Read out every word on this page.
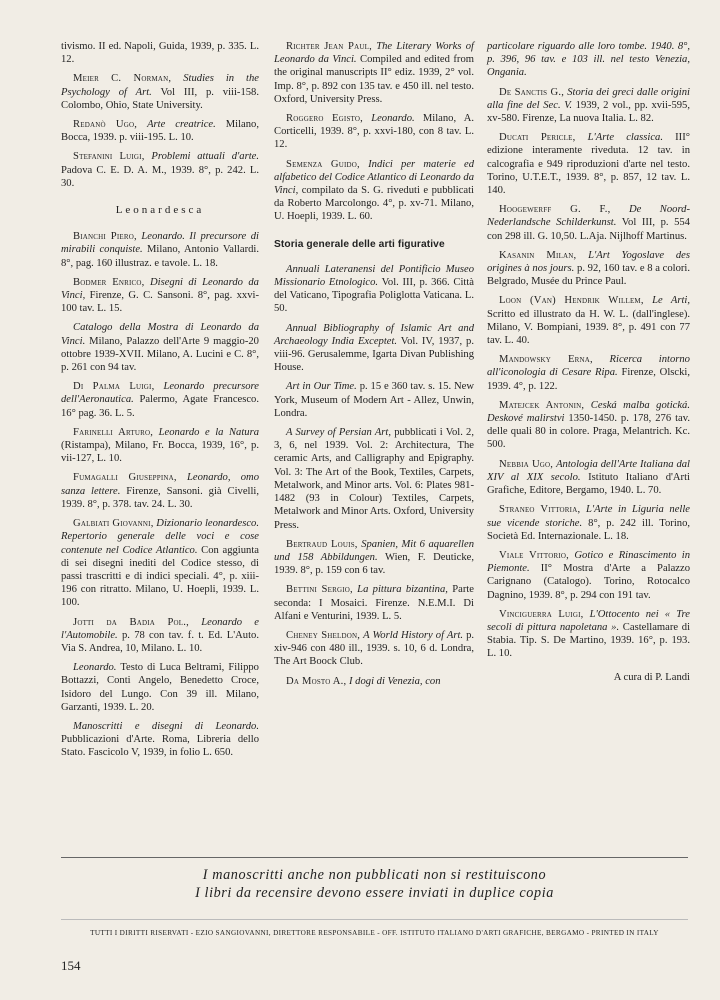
tivismo. II ed. Napoli, Guida, 1939, p. 335. L. 12.

Meier C. Norman, Studies in the Psychology of Art. Vol III, p. viii-158. Colombo, Ohio, State University.

Redanò Ugo, Arte creatrice. Milano, Bocca, 1939. p. viii-195. L. 10.

Stefanini Luigi, Problemi attuali d'arte. Padova C. E. D. A. M., 1939. 8°, p. 242. L. 30.

Leonardesca

Bianchi Piero, Leonardo. Il precursore di mirabili conquiste. Milano, Antonio Vallardi. 8°, pag. 160 illustraz. e tavole. L. 18.

Bodmer Enrico, Disegni di Leonardo da Vinci, Firenze, G. C. Sansoni. 8°, pag. xxvi-100 tav. L. 15.

Catalogo della Mostra di Leonardo da Vinci. Milano, Palazzo dell'Arte 9 maggio-20 ottobre 1939-XVII. Milano, A. Lucini e C. 8°, p. 261 con 94 tav.

Di Palma Luigi, Leonardo precursore dell'Aeronautica. Palermo, Agate Francesco. 16° pag. 36. L. 5.

Farinelli Arturo, Leonardo e la Natura (Ristampa), Milano, Fr. Bocca, 1939, 16°, p. vii-127, L. 10.

Fumagalli Giuseppina, Leonardo, omo sanza lettere. Firenze, Sansoni. già Civelli, 1939. 8°, p. 378. tav. 24. L. 30.

Galbiati Giovanni, Dizionario leonardesco. Repertorio generale delle voci e cose contenute nel Codice Atlantico. Con aggiunta di sei disegni inediti del Codice stesso, di passi trascritti e di indici speciali. 4°, p. xiii-196 con ritratto. Milano, U. Hoepli, 1939. L. 100.

Jotti da Badia Pol., Leonardo e l'Automobile. p. 78 con tav. f. t. Ed. L'Auto. Via S. Andrea, 10, Milano. L. 10.

Leonardo. Testo di Luca Beltrami, Filippo Bottazzi, Conti Angelo, Benedetto Croce, Isidoro del Lungo. Con 39 ill. Milano, Garzanti, 1939. L. 20.

Manoscritti e disegni di Leonardo. Pubblicazioni d'Arte. Roma, Libreria dello Stato. Fascicolo V, 1939, in folio L. 650.

Richter Jean Paul, The Literary Works of Leonardo da Vinci. Compiled and edited from the original manuscripts II° ediz. 1939, 2° vol. Imp. 8°, p. 892 con 135 tav. e 450 ill. nel testo. Oxford, University Press.

Roggero Egisto, Leonardo. Milano, A. Corticelli, 1939. 8°, p. xxvi-180, con 8 tav. L. 12.

Semenza Guido, Indici per materie ed alfabetico del Codice Atlantico di Leonardo da Vinci, compilato da S. G. riveduti e pubblicati da Roberto Marcolongo. 4°, p. xv-71. Milano, U. Hoepli, 1939. L. 60.

Storia generale delle arti figurative

Annuali Lateranensi del Pontificio Museo Missionario Etnologico. Vol. III, p. 366. Città del Vaticano, Tipografia Poliglotta Vaticana. L. 50.

Annual Bibliography of Islamic Art and Archaeology India Exceptet. Vol. IV, 1937, p. viii-96. Gerusalemme, Igarta Divan Publishing House.

Art in Our Time. p. 15 e 360 tav. s. 15. New York, Museum of Modern Art - Allez, Unwin, Londra.

A Survey of Persian Art, pubblicati i Vol. 2, 3, 6, nel 1939. Vol. 2: Architectura, The ceramic Arts, and Calligraphy and Epigraphy. Vol. 3: The Art of the Book, Textiles, Carpets, Metalwork, and Minor arts. Vol. 6: Plates 981-1482 (93 in Colour) Textiles, Carpets, Metalwork and Minor Arts. Oxford, University Press.

Bertraud Louis, Spanien, Mit 6 aquarellen und 158 Abbildungen. Wien, F. Deuticke, 1939. 8°, p. 159 con 6 tav.

Bettini Sergio, La pittura bizantina, Parte seconda: I Mosaici. Firenze. N.E.M.I. Di Alfani e Venturini, 1939. L. 5.

Cheney Sheldon, A World History of Art. p. xiv-946 con 480 ill., 1939. s. 10, 6 d. Londra, The Art Boock Club.

Da Mosto A., I dogi di Venezia, con

particolare riguardo alle loro tombe. 1940. 8°, p. 396, 96 tav. e 103 ill. nel testo Venezia, Ongania.

De Sanctis G., Storia dei greci dalle origini alla fine del Sec. V. 1939, 2 vol., pp. xvii-595, xv-580. Firenze, La nuova Italia. L. 82.

Ducati Pericle, L'Arte classica. III° edizione interamente riveduta. 12 tav. in calcografia e 949 riproduzioni d'arte nel testo. Torino, U.T.E.T., 1939. 8°, p. 857, 12 tav. L. 140.

Hoogewerff G. F., De Noord-Nederlandsche Schilderkunst. Vol III, p. 554 con 298 ill. G. 10,50. L.Aja. Nijlhoff Martinus.

Kasanin Milan, L'Art Yogoslave des origines à nos jours. p. 92, 160 tav. e 8 a colori. Belgrado, Musée du Prince Paul.

Loon (Van) Hendrik Willem, Le Arti, Scritto ed illustrato da H. W. L. (dall'inglese). Milano, V. Bompiani, 1939. 8°, p. 491 con 77 tav. L. 40.

Mandowsky Erna, Ricerca intorno all'iconologia di Cesare Ripa. Firenze, Olscki, 1939. 4°, p. 122.

Matejcek Antonin, Ceská malba gotická. Deskové malirstvi 1350-1450. p. 178, 276 tav. delle quali 80 in colore. Praga, Melantrich. Kc. 500.

Nebbia Ugo, Antologia dell'Arte Italiana dal XIV al XIX secolo. Istituto Italiano d'Arti Grafiche, Editore, Bergamo, 1940. L. 70.

Straneo Vittoria, L'Arte in Liguria nelle sue vicende storiche. 8°, p. 242 ill. Torino, Società Ed. Internazionale. L. 18.

Viale Vittorio, Gotico e Rinascimento in Piemonte. II° Mostra d'Arte a Palazzo Carignano (Catalogo). Torino, Rotocalco Dagnino, 1939. 8°, p. 294 con 191 tav.

Vinciguerra Luigi, L'Ottocento nei « Tre secoli di pittura napoletana ». Castellamare di Stabia. Tip. S. De Martino, 1939. 16°, p. 193. L. 10.

A cura di P. Landi
I manoscritti anche non pubblicati non si restituiscono
I libri da recensire devono essere inviati in duplice copia
TUTTI I DIRITTI RISERVATI - EZIO SANGIOVANNI, DIRETTORE RESPONSABILE - OFF. ISTITUTO ITALIANO D'ARTI GRAFICHE, BERGAMO - PRINTED IN ITALY
154
